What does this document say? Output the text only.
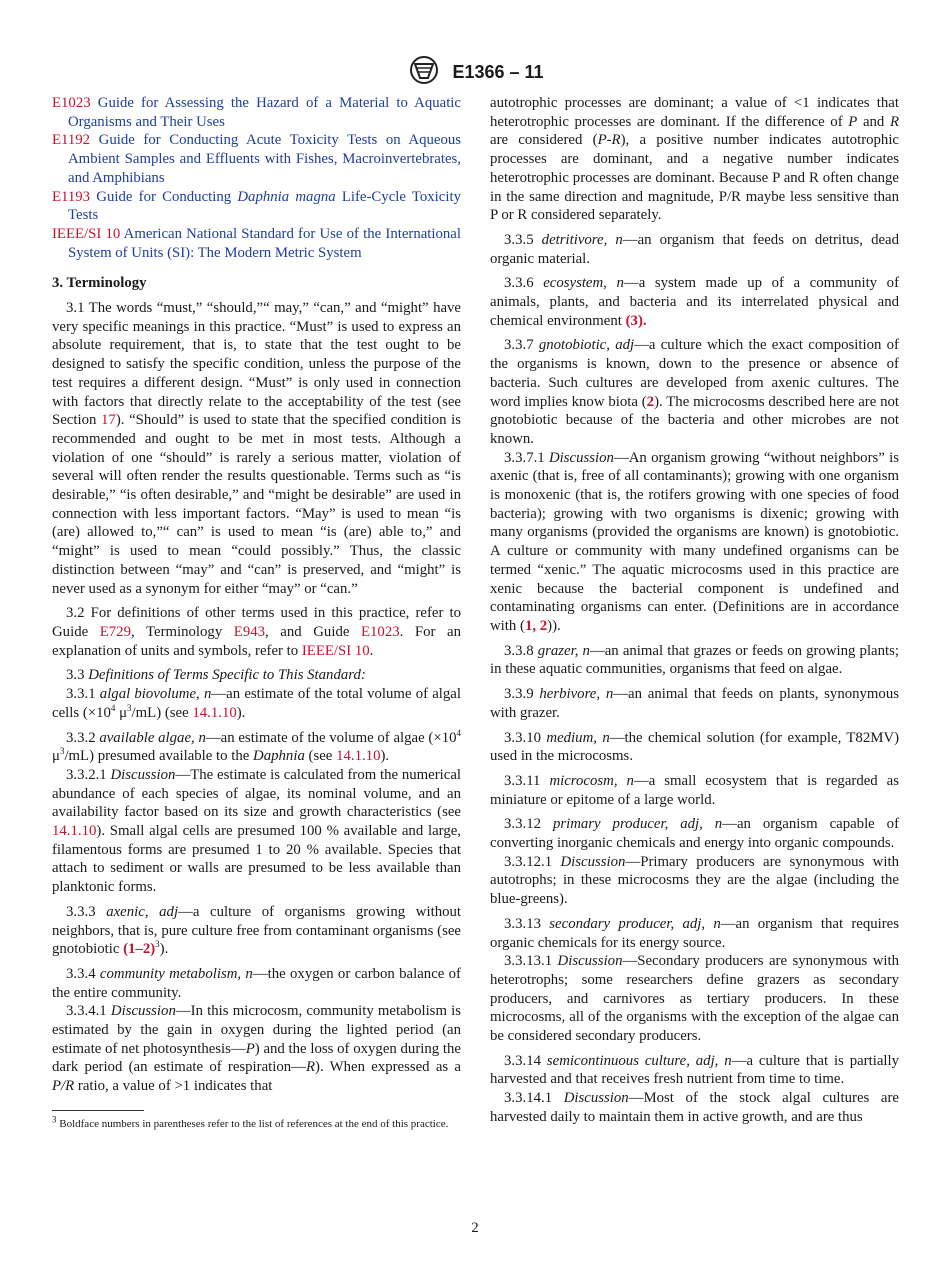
E1366 – 11

E1023 Guide for Assessing the Hazard of a Material to Aquatic Organisms and Their Uses

E1192 Guide for Conducting Acute Toxicity Tests on Aqueous Ambient Samples and Effluents with Fishes, Macroinvertebrates, and Amphibians

E1193 Guide for Conducting Daphnia magna Life-Cycle Toxicity Tests

IEEE/SI 10 American National Standard for Use of the International System of Units (SI): The Modern Metric System

3. Terminology

3.1 The words “must,” “should,”“ may,” “can,” and “might” have very specific meanings in this practice. “Must” is used to express an absolute requirement, that is, to state that the test ought to be designed to satisfy the specific condition, unless the purpose of the test requires a different design. “Must” is only used in connection with factors that directly relate to the acceptability of the test (see Section 17). “Should” is used to state that the specified condition is recommended and ought to be met in most tests. Although a violation of one “should” is rarely a serious matter, violation of several will often render the results questionable. Terms such as “is desirable,” “is often desirable,” and “might be desirable” are used in connection with less important factors. “May” is used to mean “is (are) allowed to,”“ can” is used to mean “is (are) able to,” and “might” is used to mean “could possibly.” Thus, the classic distinction between “may” and “can” is preserved, and “might” is never used as a synonym for either “may” or “can.”

3.2 For definitions of other terms used in this practice, refer to Guide E729, Terminology E943, and Guide E1023. For an explanation of units and symbols, refer to IEEE/SI 10.

3.3 Definitions of Terms Specific to This Standard:

3.3.1 algal biovolume, n—an estimate of the total volume of algal cells ($\times 10^4$ $\mu^3/mL$) (see 14.1.10).

3.3.2 available algae, n—an estimate of the volume of algae ($\times 10^4$ $\mu^3/mL$) presumed available to the Daphnia (see 14.1.10).

3.3.2.1 Discussion—The estimate is calculated from the numerical abundance of each species of algae, its nominal volume, and an availability factor based on its size and growth characteristics (see 14.1.10). Small algal cells are presumed 100 % available and large, filamentous forms are presumed 1 to 20 % available. Species that attach to sediment or walls are presumed to be less available than planktonic forms.

3.3.3 axenic, adj—a culture of organisms growing without neighbors, that is, pure culture free from contaminant organisms (see gnotobiotic $(1-2)^3$).

3.3.4 community metabolism, n—the oxygen or carbon balance of the entire community.

3.3.4.1 Discussion—In this microcosm, community metabolism is estimated by the gain in oxygen during the lighted period (an estimate of net photosynthesis—P) and the loss of oxygen during the dark period (an estimate of respiration—R). When expressed as a P/R ratio, a value of >1 indicates that

$^3$ Boldface numbers in parentheses refer to the list of references at the end of this practice.

autotrophic processes are dominant; a value of <1 indicates that heterotrophic processes are dominant. If the difference of P and R are considered (P-R), a positive number indicates autotrophic processes are dominant, and a negative number indicates heterotrophic processes are dominant. Because P and R often change in the same direction and magnitude, P/R maybe less sensitive than P or R considered separately.

3.3.5 detritivore, n—an organism that feeds on detritus, dead organic material.

3.3.6 ecosystem, n—a system made up of a community of animals, plants, and bacteria and its interrelated physical and chemical environment (3).

3.3.7 gnotobiotic, adj—a culture which the exact composition of the organisms is known, down to the presence or absence of bacteria. Such cultures are developed from axenic cultures. The word implies know biota (2). The microcosms described here are not gnotobiotic because of the bacteria and other microbes are not known.

3.3.7.1 Discussion—An organism growing “without neighbors” is axenic (that is, free of all contaminants); growing with one organism is monoxenic (that is, the rotifers growing with one species of food bacteria); growing with two organisms is dixenic; growing with many organisms (provided the organisms are known) is gnotobiotic. A culture or community with many undefined organisms can be termed “xenic.” The aquatic microcosms used in this practice are xenic because the bacterial component is undefined and contaminating organisms can enter. (Definitions are in accordance with (1, 2)).

3.3.8 grazer, n—an animal that grazes or feeds on growing plants; in these aquatic communities, organisms that feed on algae.

3.3.9 herbivore, n—an animal that feeds on plants, synonymous with grazer.

3.3.10 medium, n—the chemical solution (for example, T82MV) used in the microcosms.

3.3.11 microcosm, n—a small ecosystem that is regarded as miniature or epitome of a large world.

3.3.12 primary producer, adj, n—an organism capable of converting inorganic chemicals and energy into organic compounds.

3.3.12.1 Discussion—Primary producers are synonymous with autotrophs; in these microcosms they are the algae (including the blue-greens).

3.3.13 secondary producer, adj, n—an organism that requires organic chemicals for its energy source.

3.3.13.1 Discussion—Secondary producers are synonymous with heterotrophs; some researchers define grazers as secondary producers, and carnivores as tertiary producers. In these microcosms, all of the organisms with the exception of the algae can be considered secondary producers.

3.3.14 semicontinuous culture, adj, n—a culture that is partially harvested and that receives fresh nutrient from time to time.

3.3.14.1 Discussion—Most of the stock algal cultures are harvested daily to maintain them in active growth, and are thus

2
